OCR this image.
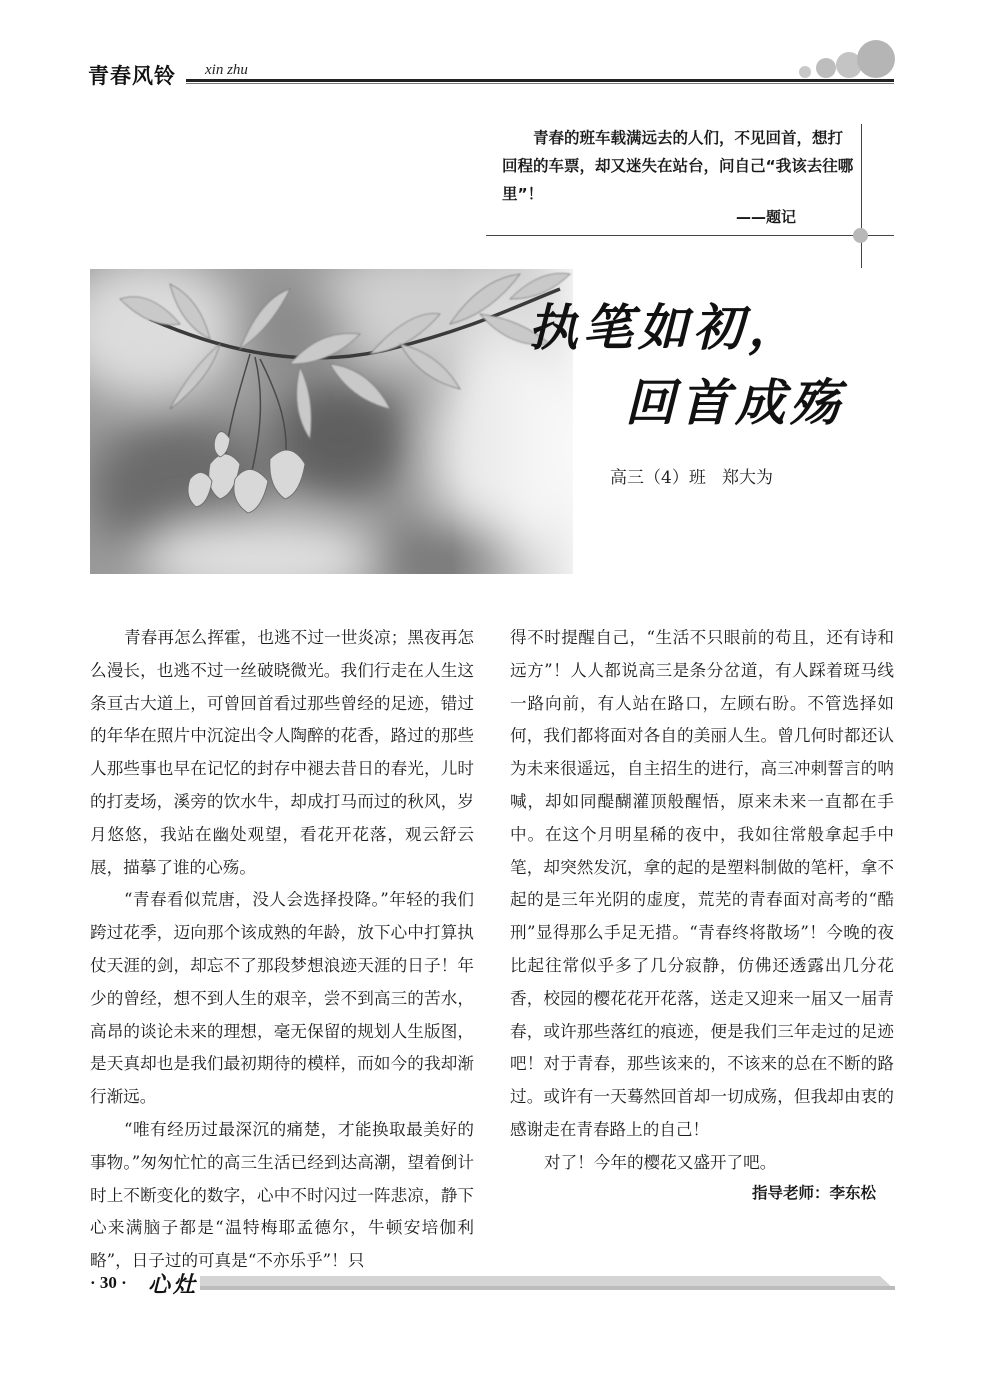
青春风铃 xin zhu

青春的班车载满远去的人们，不见回首，想打回程的车票，却又迷失在站台，问自己“我该去往哪里”！

——题记
执笔如初，
回首成殇
高三（4）班   郑大为

青春再怎么挥霍，也逃不过一世炎凉；黑夜再怎么漫长，也逃不过一丝破晓微光。我们行走在人生这条亘古大道上，可曾回首看过那些曾经的足迹，错过的年华在照片中沉淀出令人陶醉的花香，路过的那些人那些事也早在记忆的封存中褪去昔日的春光，儿时的打麦场，溪旁的饮水牛，却成打马而过的秋风，岁月悠悠，我站在幽处观望，看花开花落，观云舒云展，描摹了谁的心殇。

“青春看似荒唐，没人会选择投降。”年轻的我们跨过花季，迈向那个该成熟的年龄，放下心中打算执仗天涯的剑，却忘不了那段梦想浪迹天涯的日子！年少的曾经，想不到人生的艰辛，尝不到高三的苦水，高昂的谈论未来的理想，毫无保留的规划人生版图，是天真却也是我们最初期待的模样，而如今的我却渐行渐远。

“唯有经历过最深沉的痛楚，才能换取最美好的事物。”匆匆忙忙的高三生活已经到达高潮，望着倒计时上不断变化的数字，心中不时闪过一阵悲凉，静下心来满脑子都是“温特梅耶孟德尔，牛顿安培伽利略”，日子过的可真是“不亦乐乎”！只

得不时提醒自己，“生活不只眼前的苟且，还有诗和远方”！人人都说高三是条分岔道，有人踩着斑马线一路向前，有人站在路口，左顾右盼。不管选择如何，我们都将面对各自的美丽人生。曾几何时都还认为未来很遥远，自主招生的进行，高三冲刺誓言的呐喊，却如同醍醐灌顶般醒悟，原来未来一直都在手中。在这个月明星稀的夜中，我如往常般拿起手中笔，却突然发沉，拿的起的是塑料制做的笔杆，拿不起的是三年光阴的虚度，荒芜的青春面对高考的“酷刑”显得那么手足无措。“青春终将散场”！今晚的夜比起往常似乎多了几分寂静，仿佛还透露出几分花香，校园的樱花花开花落，送走又迎来一届又一届青春，或许那些落红的痕迹，便是我们三年走过的足迹吧！对于青春，那些该来的，不该来的总在不断的路过。或许有一天蓦然回首却一切成殇，但我却由衷的感谢走在青春路上的自己！

对了！今年的樱花又盛开了吧。

指导老师：李东松
· 30 · 心灶
